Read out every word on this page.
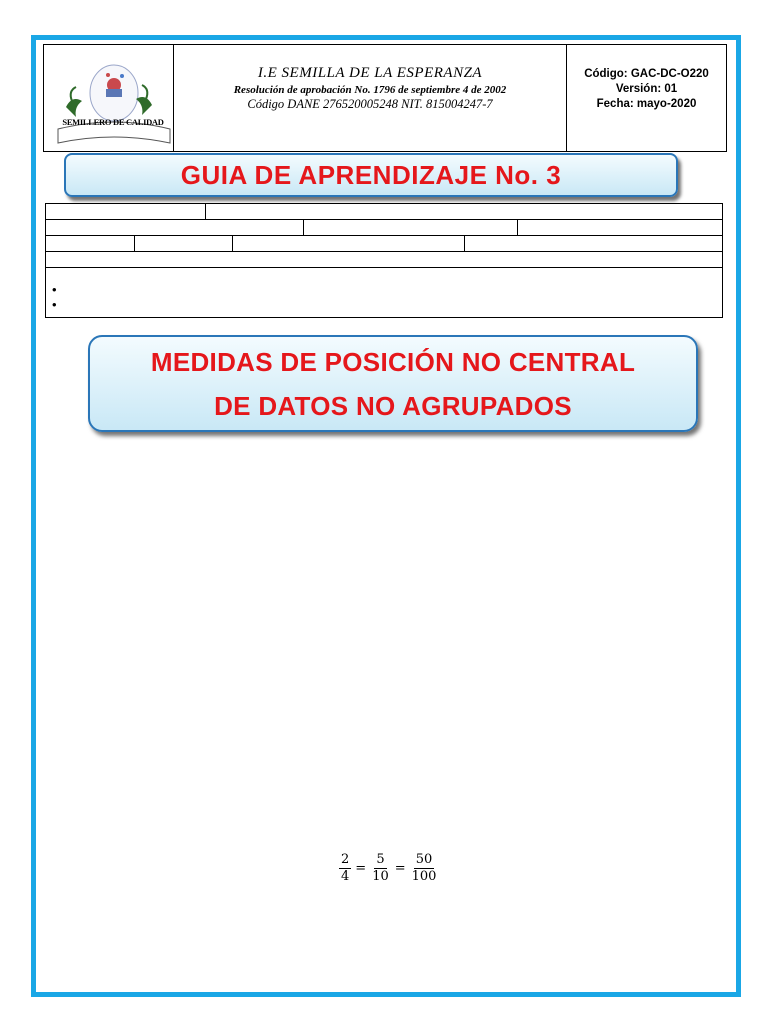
SEMILLERO DE CALIDAD
I.E SEMILLA DE LA ESPERANZA
Resolución de aprobación No. 1796 de septiembre 4 de 2002
Código DANE 276520005248 NIT. 815004247-7
Código: GAC-DC-O220
Versión: 01
Fecha: mayo-2020
GUIA DE APRENDIZAJE No. 3
•
•
MEDIDAS DE POSICIÓN NO CENTRAL
DE DATOS NO AGRUPADOS
$\frac{2}{4} = \frac{5}{10} = \frac{50}{100}$
